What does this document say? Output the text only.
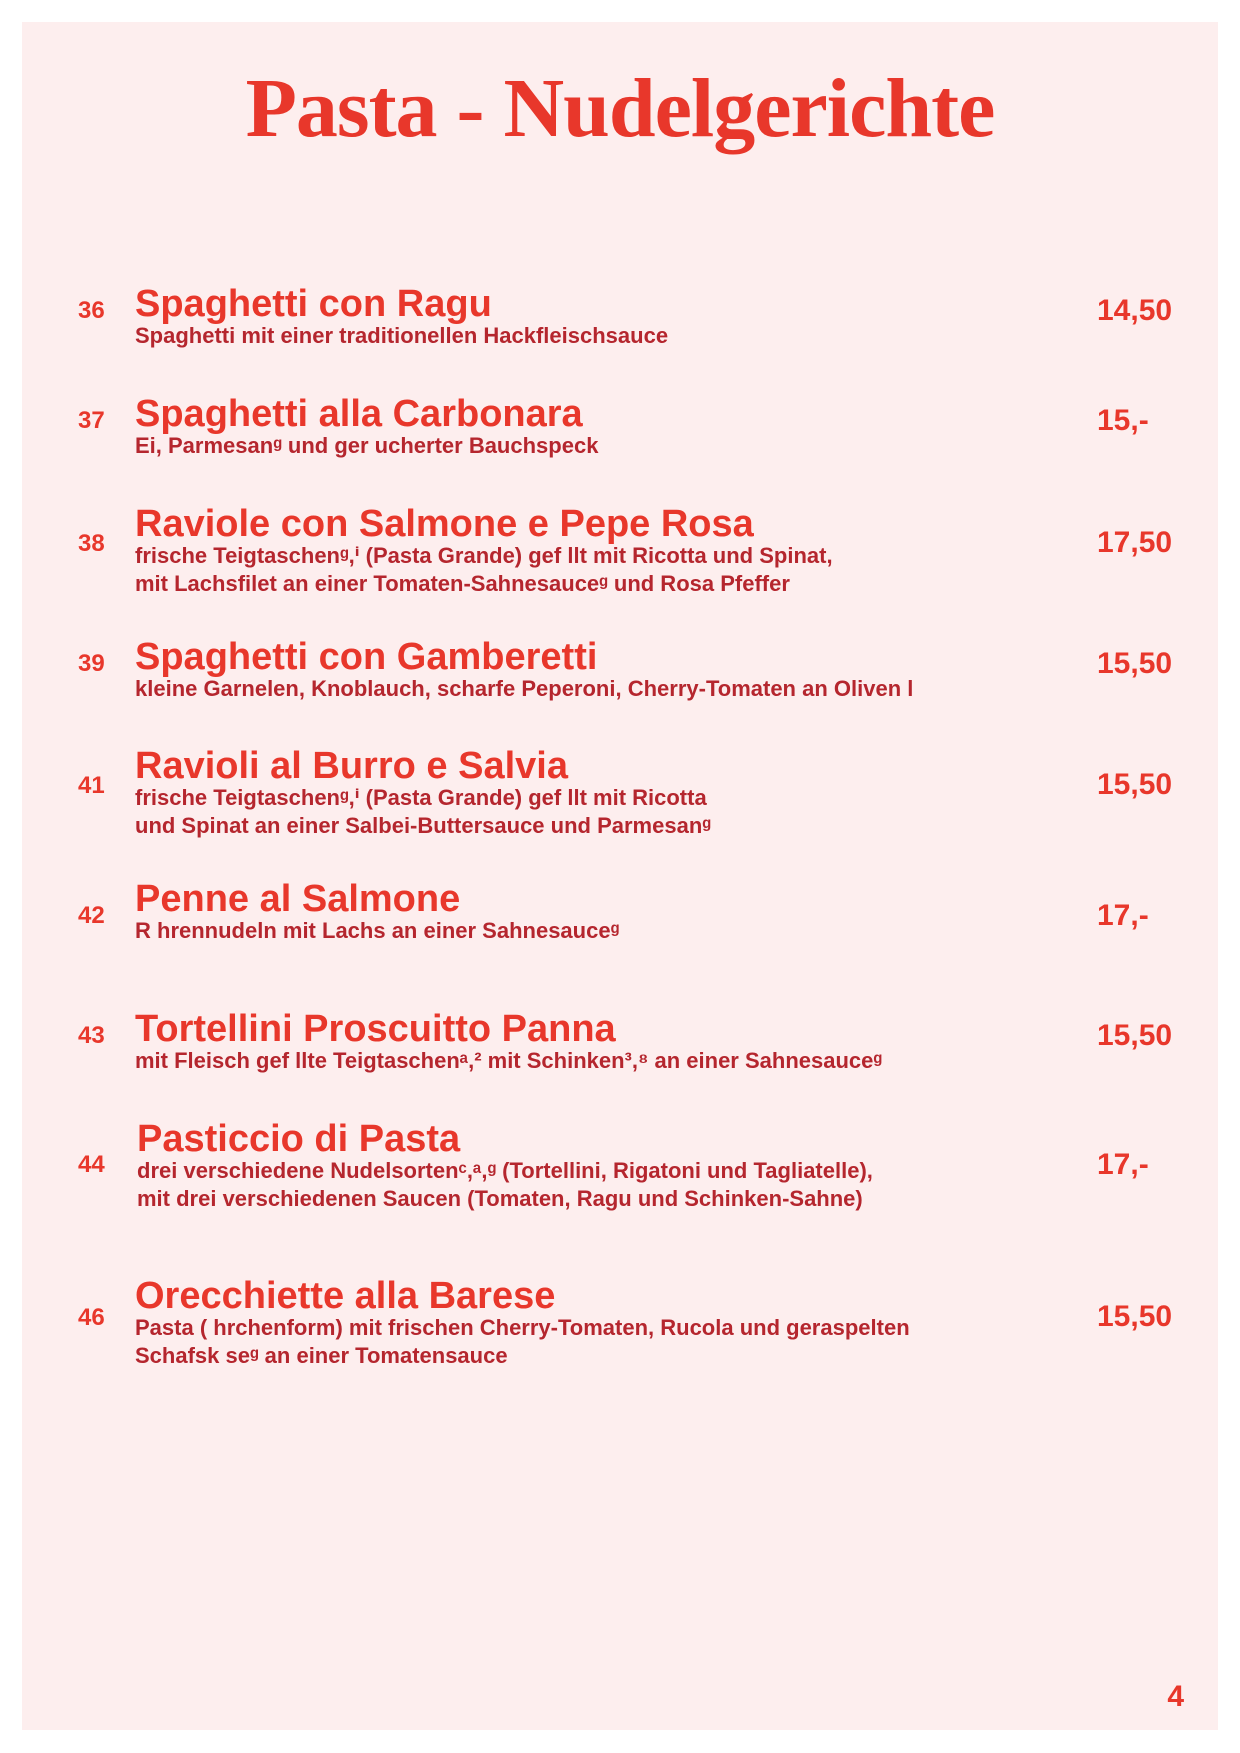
Pasta - Nudelgerichte
36 Spaghetti con Ragu
Spaghetti mit einer traditionellen Hackfleischsauce
14,50
37 Spaghetti alla Carbonara
Ei, Parmesanᵍ und ger ucherter Bauchspeck
15,-
38 Raviole con Salmone e Pepe Rosa
frische Teigtaschenᵍ,ⁱ (Pasta Grande) gef llt mit Ricotta und Spinat,
mit Lachsfilet an einer Tomaten-Sahnesauceᵍ und Rosa Pfeffer
17,50
39 Spaghetti con Gamberetti
kleine Garnelen, Knoblauch, scharfe Peperoni, Cherry-Tomaten an Oliven l
15,50
41 Ravioli al Burro e Salvia
frische Teigtaschenᵍ,ⁱ (Pasta Grande) gef llt mit Ricotta
und Spinat an einer Salbei-Buttersauce und Parmesanᵍ
15,50
42 Penne al Salmone
R hrennudeln mit Lachs an einer Sahnesauceᵍ	17,-
43 Tortellini Proscuitto Panna
mit Fleisch gef llte Teigtaschenᵃ,² mit Schinken³,⁸ an einer Sahnesauceᵍ
15,50
44
Pasticcio di Pasta
drei verschiedene Nudelsortenᶜ,ᵃ,ᵍ (Tortellini, Rigatoni und Tagliatelle),
mit drei verschiedenen Saucen (Tomaten, Ragu und Schinken-Sahne)
17,-
46
Orecchiette alla Barese
Pasta ( hrchenform) mit frischen Cherry-Tomaten, Rucola und geraspelten
Schafsk seᵍ an einer Tomatensauce
15,50
4
